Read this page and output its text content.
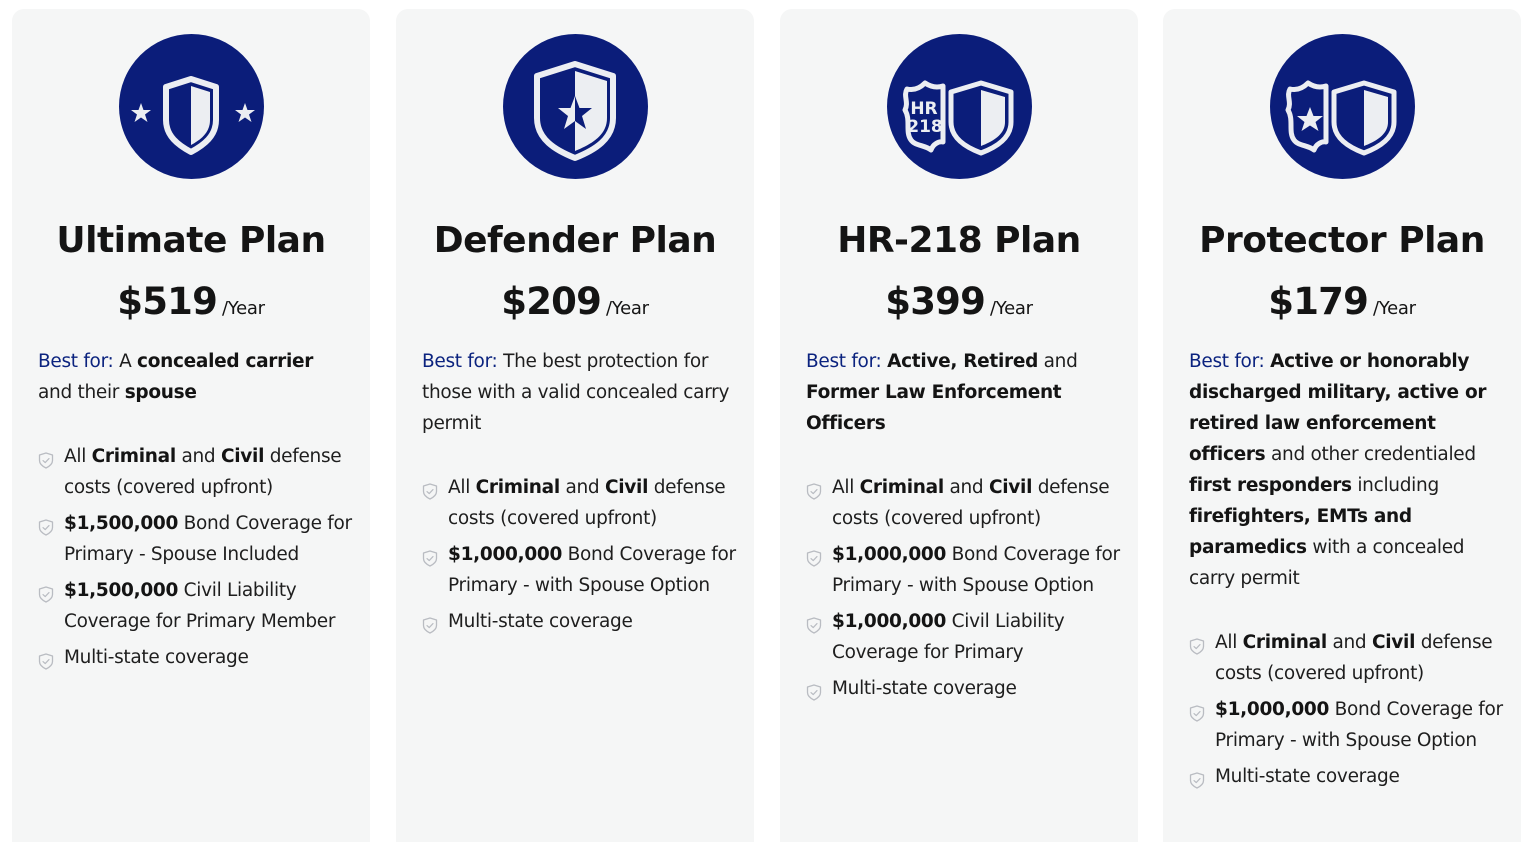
Ultimate Plan
$519 /Year
Best for: A concealed carrier and their spouse
All Criminal and Civil defense costs (covered upfront)
$1,500,000 Bond Coverage for Primary - Spouse Included
$1,500,000 Civil Liability Coverage for Primary Member
Multi-state coverage
Defender Plan
$209 /Year
Best for: The best protection for those with a valid concealed carry permit
All Criminal and Civil defense costs (covered upfront)
$1,000,000 Bond Coverage for Primary - with Spouse Option
Multi-state coverage
HR
218
HR-218 Plan
$399 /Year
Best for: Active, Retired and Former Law Enforcement Officers
All Criminal and Civil defense costs (covered upfront)
$1,000,000 Bond Coverage for Primary - with Spouse Option
$1,000,000 Civil Liability Coverage for Primary
Multi-state coverage
Protector Plan
$179 /Year
Best for: Active or honorably discharged military, active or retired law enforcement officers and other credentialed first responders including firefighters, EMTs and paramedics with a concealed carry permit
All Criminal and Civil defense costs (covered upfront)
$1,000,000 Bond Coverage for Primary - with Spouse Option
Multi-state coverage
